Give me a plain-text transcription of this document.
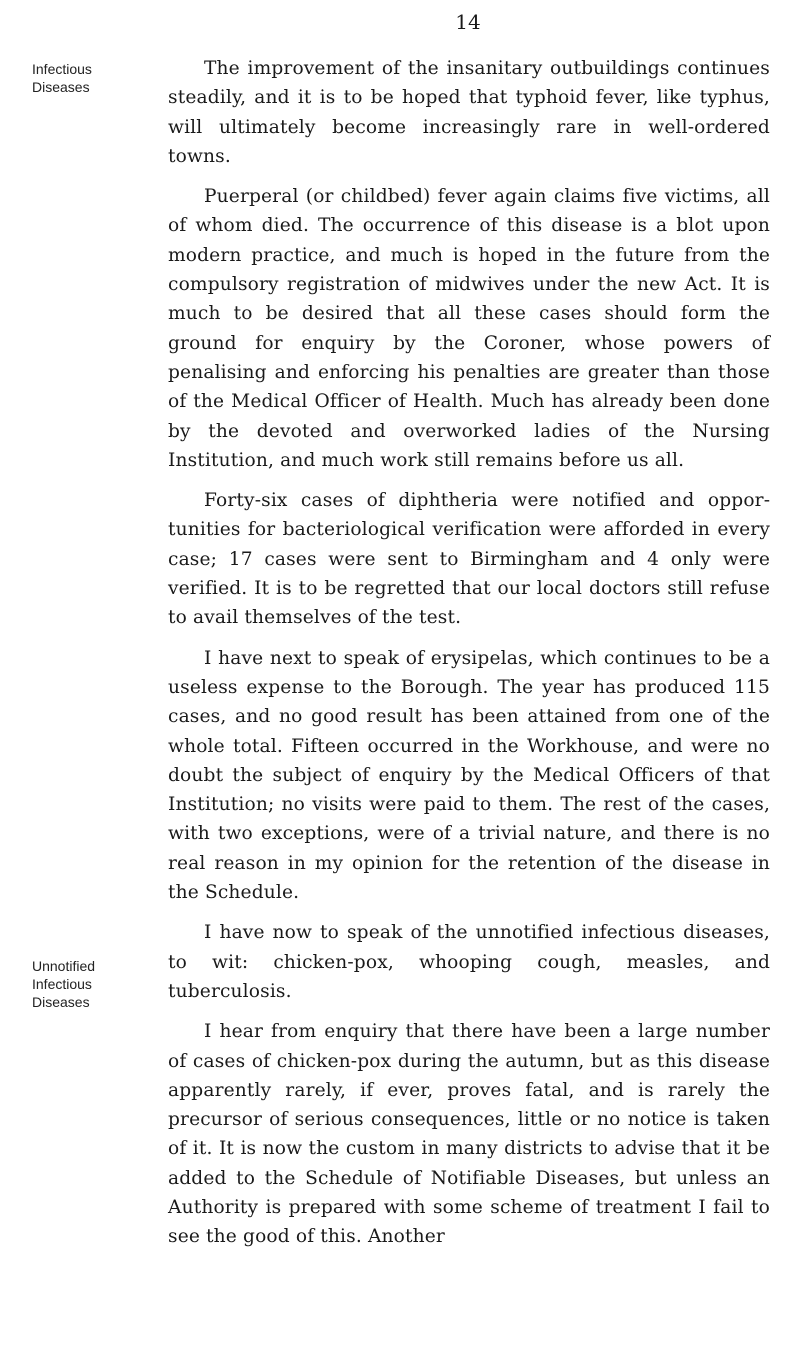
14
Infectious
Diseases
Unnotified
Infectious
Diseases

The improvement of the insanitary outbuildings continues steadily, and it is to be hoped that typhoid fever, like typhus, will ultimately become increasingly rare in well-ordered towns.

Puerperal (or childbed) fever again claims five victims, all of whom died. The occurrence of this disease is a blot upon modern practice, and much is hoped in the future from the compulsory registration of midwives under the new Act. It is much to be desired that all these cases should form the ground for enquiry by the Coroner, whose powers of penalising and enforcing his penalties are greater than those of the Medical Officer of Health. Much has already been done by the devoted and overworked ladies of the Nursing Institution, and much work still remains before us all.

Forty-six cases of diphtheria were notified and opportunities for bacteriological verification were afforded in every case; 17 cases were sent to Birmingham and 4 only were verified. It is to be regretted that our local doctors still refuse to avail themselves of the test.

I have next to speak of erysipelas, which continues to be a useless expense to the Borough. The year has produced 115 cases, and no good result has been attained from one of the whole total. Fifteen occurred in the Workhouse, and were no doubt the subject of enquiry by the Medical Officers of that Institution; no visits were paid to them. The rest of the cases, with two exceptions, were of a trivial nature, and there is no real reason in my opinion for the retention of the disease in the Schedule.

I have now to speak of the unnotified infectious diseases, to wit: chicken-pox, whooping cough, measles, and tuberculosis.

I hear from enquiry that there have been a large number of cases of chicken-pox during the autumn, but as this disease apparently rarely, if ever, proves fatal, and is rarely the precursor of serious consequences, little or no notice is taken of it. It is now the custom in many districts to advise that it be added to the Schedule of Notifiable Diseases, but unless an Authority is prepared with some scheme of treatment I fail to see the good of this. Another
